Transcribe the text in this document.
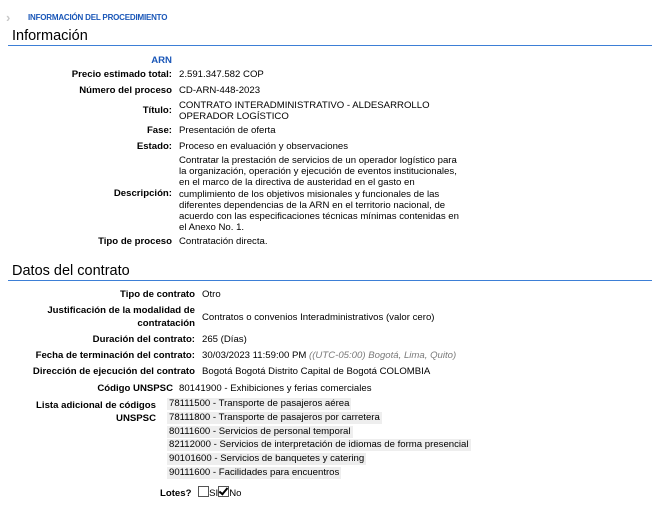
›	INFORMACIÓN DEL PROCEDIMIENTO
Información
ARN
Precio estimado total: 2.591.347.582 COP
Número del proceso CD-ARN-448-2023
Título: CONTRATO INTERADMINISTRATIVO - ALDESARROLLO
OPERADOR LOGÍSTICO
Fase: Presentación de oferta
Estado: Proceso en evaluación y observaciones
Descripción:
Contratar la prestación de servicios de un operador logístico para la organización, operación y ejecución de eventos institucionales, en el marco de la directiva de austeridad en el gasto en cumplimiento de los objetivos misionales y funcionales de las diferentes dependencias de la ARN en el territorio nacional, de acuerdo con las especificaciones técnicas mínimas contenidas en el Anexo No. 1.
Tipo de proceso Contratación directa.
Datos del contrato
Tipo de contrato Otro
Justificación de la modalidad de
contratación
Contratos o convenios Interadministrativos (valor cero)
Duración del contrato: 265 (Días)
Fecha de terminación del contrato: 30/03/2023 11:59:00 PM ((UTC-05:00) Bogotá, Lima, Quito)
Dirección de ejecución del contrato Bogotá Bogotá Distrito Capital de Bogotá COLOMBIA
Código UNSPSC 80141900 - Exhibiciones y ferias comerciales
Lista adicional de códigos
UNSPSC
78111500 - Transporte de pasajeros aérea
78111800 - Transporte de pasajeros por carretera
80111600 - Servicios de personal temporal
82112000 - Servicios de interpretación de idiomas de forma presencial
90101600 - Servicios de banquetes y catering
90111600 - Facilidades para encuentros
Lotes? SI No
